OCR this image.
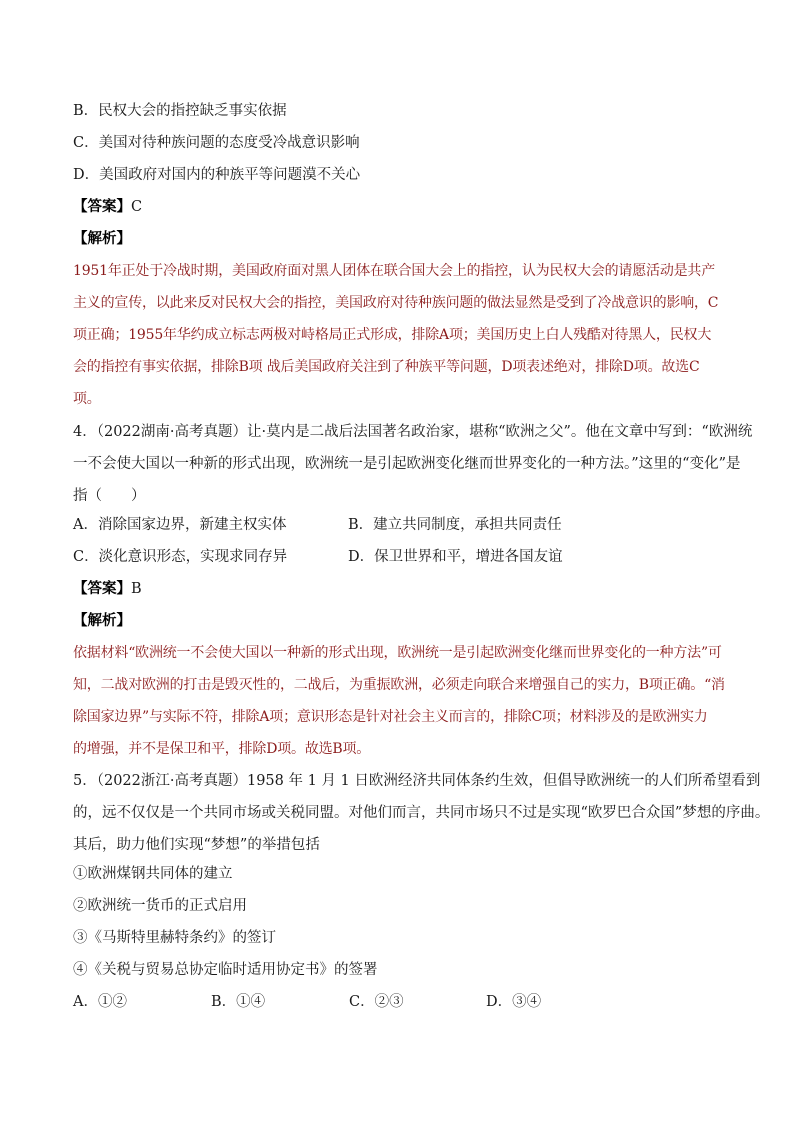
B．民权大会的指控缺乏事实依据
C．美国对待种族问题的态度受冷战意识影响
D．美国政府对国内的种族平等问题漠不关心
【答案】C
【解析】
1951年正处于冷战时期，美国政府面对黑人团体在联合国大会上的指控，认为民权大会的请愿活动是共产
主义的宣传，以此来反对民权大会的指控，美国政府对待种族问题的做法显然是受到了冷战意识的影响，C
项正确；1955年华约成立标志两极对峙格局正式形成，排除A项；美国历史上白人残酷对待黑人，民权大
会的指控有事实依据，排除B项 战后美国政府关注到了种族平等问题，D项表述绝对，排除D项。故选C
项。
4．（2022湖南·高考真题）让·莫内是二战后法国著名政治家，堪称“欧洲之父”。他在文章中写到：“欧洲统
一不会使大国以一种新的形式出现，欧洲统一是引起欧洲变化继而世界变化的一种方法。”这里的“变化”是
指（　　）
A．消除国家边界，新建主权实体	B．建立共同制度，承担共同责任
C．淡化意识形态，实现求同存异	D．保卫世界和平，增进各国友谊
【答案】B
【解析】
依据材料“欧洲统一不会使大国以一种新的形式出现，欧洲统一是引起欧洲变化继而世界变化的一种方法”可
知，二战对欧洲的打击是毁灭性的，二战后，为重振欧洲，必须走向联合来增强自己的实力，B项正确。“消
除国家边界”与实际不符，排除A项；意识形态是针对社会主义而言的，排除C项；材料涉及的是欧洲实力
的增强，并不是保卫和平，排除D项。故选B项。
5．（2022浙江·高考真题）1958 年 1 月 1 日欧洲经济共同体条约生效，但倡导欧洲统一的人们所希望看到
的，远不仅仅是一个共同市场或关税同盟。对他们而言，共同市场只不过是实现“欧罗巴合众国”梦想的序曲。
其后，助力他们实现“梦想”的举措包括
①欧洲煤钢共同体的建立
②欧洲统一货币的正式启用
③《马斯特里赫特条约》的签订
④《关税与贸易总协定临时适用协定书》的签署
A．①②	B．①④	C．②③	D．③④
